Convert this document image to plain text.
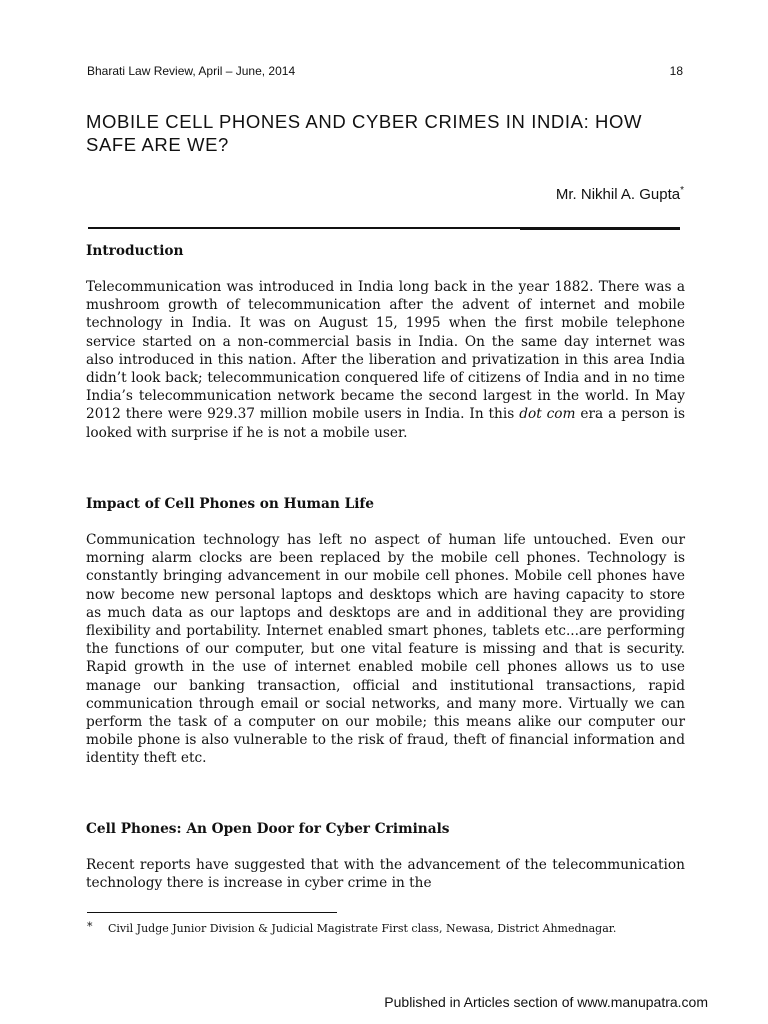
Bharati Law Review, April – June, 2014	18
MOBILE CELL PHONES AND CYBER CRIMES IN INDIA: HOW SAFE ARE WE?
Mr. Nikhil A. Gupta*
Introduction

Telecommunication was introduced in India long back in the year 1882. There was a mushroom growth of telecommunication after the advent of internet and mobile technology in India. It was on August 15, 1995 when the first mobile telephone service started on a non-commercial basis in India. On the same day internet was also introduced in this nation. After the liberation and privatization in this area India didn’t look back; telecommunication conquered life of citizens of India and in no time India’s telecommunication network became the second largest in the world. In May 2012 there were 929.37 million mobile users in India. In this dot com era a person is looked with surprise if he is not a mobile user.

Impact of Cell Phones on Human Life

Communication technology has left no aspect of human life untouched. Even our morning alarm clocks are been replaced by the mobile cell phones. Technology is constantly bringing advancement in our mobile cell phones. Mobile cell phones have now become new personal laptops and desktops which are having capacity to store as much data as our laptops and desktops are and in additional they are providing flexibility and portability. Internet enabled smart phones, tablets etc...are performing the functions of our computer, but one vital feature is missing and that is security. Rapid growth in the use of internet enabled mobile cell phones allows us to use manage our banking transaction, official and institutional transactions, rapid communication through email or social networks, and many more. Virtually we can perform the task of a computer on our mobile; this means alike our computer our mobile phone is also vulnerable to the risk of fraud, theft of financial information and identity theft etc.

Cell Phones: An Open Door for Cyber Criminals

Recent reports have suggested that with the advancement of the telecommunication technology there is increase in cyber crime in the

* Civil Judge Junior Division & Judicial Magistrate First class, Newasa, District Ahmednagar.
Published in Articles section of www.manupatra.com
